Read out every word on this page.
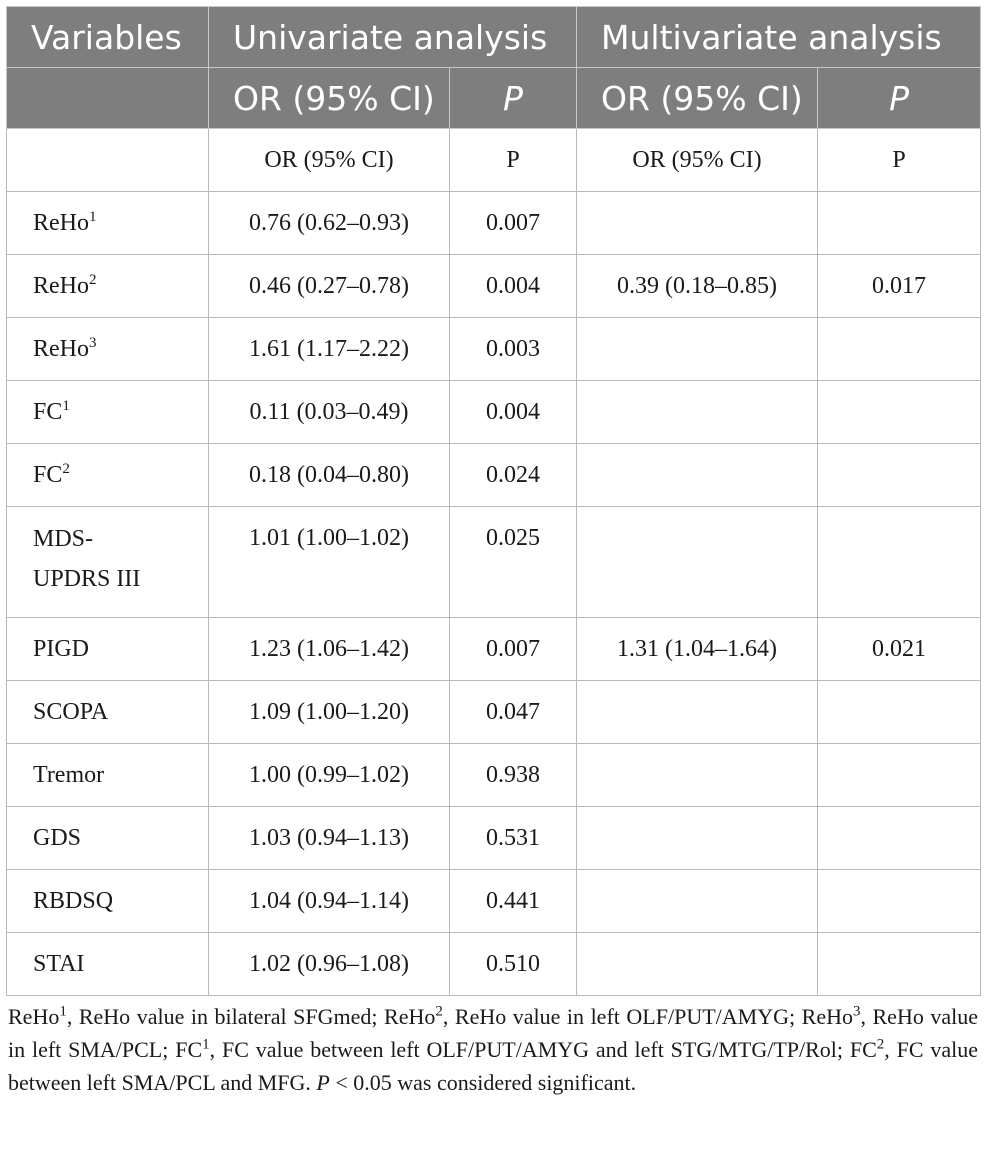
Variables	Univariate analysis		Multivariate analysis	
	OR (95% CI)	P	OR (95% CI)	P
	OR (95% CI)	P	OR (95% CI)	P
ReHo$^1$	0.76 (0.62–0.93)	0.007		
ReHo$^2$	0.46 (0.27–0.78)	0.004	0.39 (0.18–0.85)	0.017
ReHo$^3$	1.61 (1.17–2.22)	0.003		
$FC^1$	0.11 (0.03–0.49)	0.004		
$FC^2$	0.18 (0.04–0.80)	0.024		
MDS-
UPDRS III	1.01 (1.00–1.02)	0.025		
PIGD	1.23 (1.06–1.42)	0.007	1.31 (1.04–1.64)	0.021
SCOPA	1.09 (1.00–1.20)	0.047		
Tremor	1.00 (0.99–1.02)	0.938		
GDS	1.03 (0.94–1.13)	0.531		
RBDSQ	1.04 (0.94–1.14)	0.441		
STAI	1.02 (0.96–1.08)	0.510		
ReHo$^1$, ReHo value in bilateral SFGmed; ReHo$^2$, ReHo value in left OLF/PUT/AMYG; ReHo$^3$, ReHo value in left SMA/PCL; $FC^1$, FC value between left OLF/PUT/AMYG and left STG/MTG/TP/Rol; $FC^2$, FC value between left SMA/PCL and MFG. P < 0.05 was considered significant.
